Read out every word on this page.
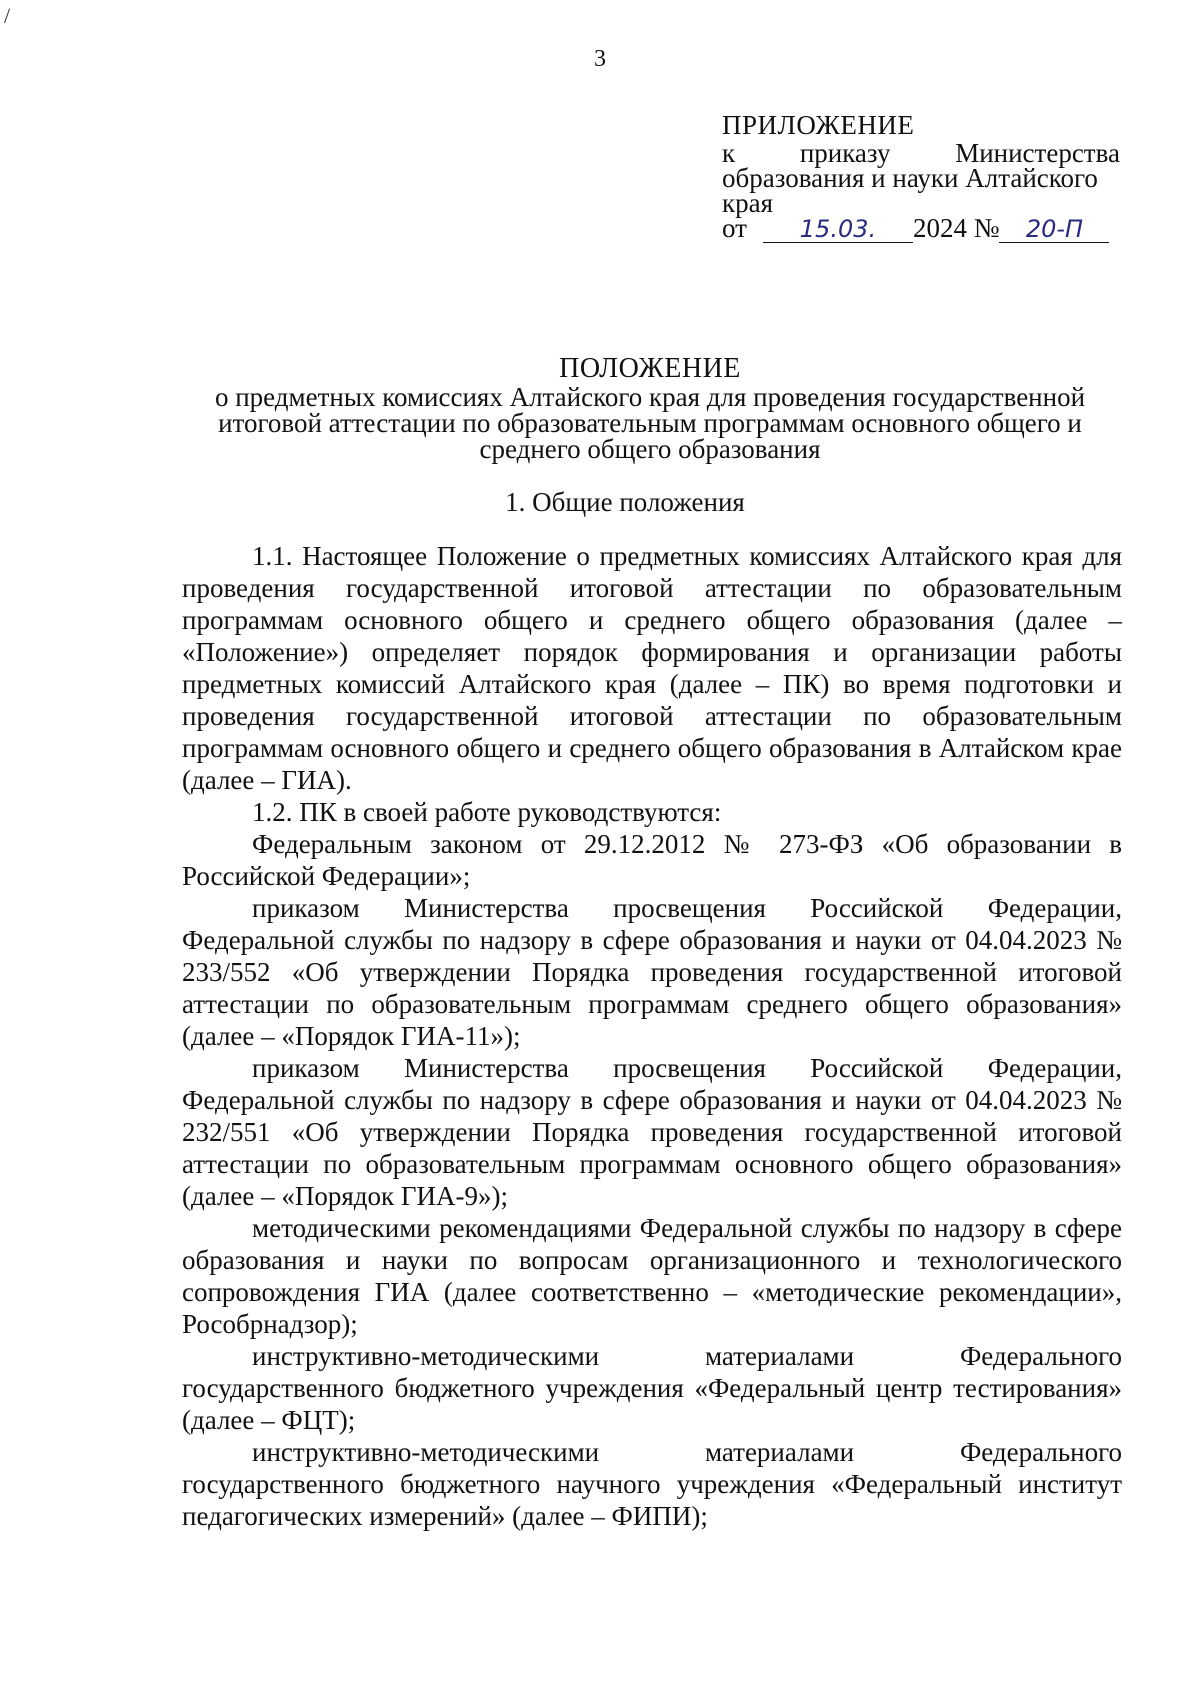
/
3
ПРИЛОЖЕНИЕ
к приказу Министерства
образования и науки Алтайского
края
от	15.03.	2024 №	20-П
ПОЛОЖЕНИЕ
о предметных комиссиях Алтайского края для проведения государственной
итоговой аттестации по образовательным программам основного общего и
среднего общего образования
1. Общие положения

1.1. Настоящее Положение о предметных комиссиях Алтайского края для проведения государственной итоговой аттестации по образовательным программам основного общего и среднего общего образования (далее – «Положение») определяет порядок формирования и организации работы предметных комиссий Алтайского края (далее – ПК) во время подготовки и проведения государственной итоговой аттестации по образовательным программам основного общего и среднего общего образования в Алтайском крае (далее – ГИА).

1.2. ПК в своей работе руководствуются:

Федеральным законом от 29.12.2012 № 273-ФЗ «Об образовании в Российской Федерации»;

приказом Министерства просвещения Российской Федерации, Федеральной службы по надзору в сфере образования и науки от 04.04.2023 № 233/552 «Об утверждении Порядка проведения государственной итоговой аттестации по образовательным программам среднего общего образования» (далее – «Порядок ГИА-11»);

приказом Министерства просвещения Российской Федерации, Федеральной службы по надзору в сфере образования и науки от 04.04.2023 № 232/551 «Об утверждении Порядка проведения государственной итоговой аттестации по образовательным программам основного общего образования» (далее – «Порядок ГИА-9»);

методическими рекомендациями Федеральной службы по надзору в сфере образования и науки по вопросам организационного и технологического сопровождения ГИА (далее соответственно – «методические рекомендации», Рособрнадзор);

инструктивно-методическими материалами Федерального государственного бюджетного учреждения «Федеральный центр тестирования» (далее – ФЦТ);

инструктивно-методическими материалами Федерального государственного бюджетного научного учреждения «Федеральный институт педагогических измерений» (далее – ФИПИ);
